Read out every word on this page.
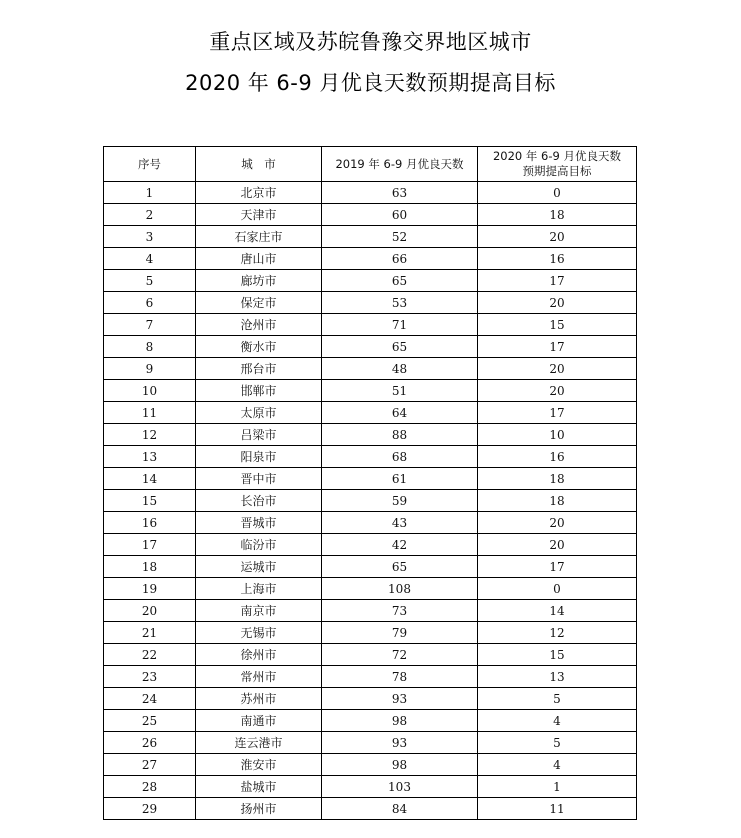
重点区域及苏皖鲁豫交界地区城市
2020 年 6-9 月优良天数预期提高目标
序号	城　市	2019 年 6-9 月优良天数	2020 年 6-9 月优良天数
预期提高目标

1	北京市	63	0
2	天津市	60	18
3	石家庄市	52	20
4	唐山市	66	16
5	廊坊市	65	17
6	保定市	53	20
7	沧州市	71	15
8	衡水市	65	17
9	邢台市	48	20
10	邯郸市	51	20
11	太原市	64	17
12	吕梁市	88	10
13	阳泉市	68	16
14	晋中市	61	18
15	长治市	59	18
16	晋城市	43	20
17	临汾市	42	20
18	运城市	65	17
19	上海市	108	0
20	南京市	73	14
21	无锡市	79	12
22	徐州市	72	15
23	常州市	78	13
24	苏州市	93	5
25	南通市	98	4
26	连云港市	93	5
27	淮安市	98	4
28	盐城市	103	1
29	扬州市	84	11
